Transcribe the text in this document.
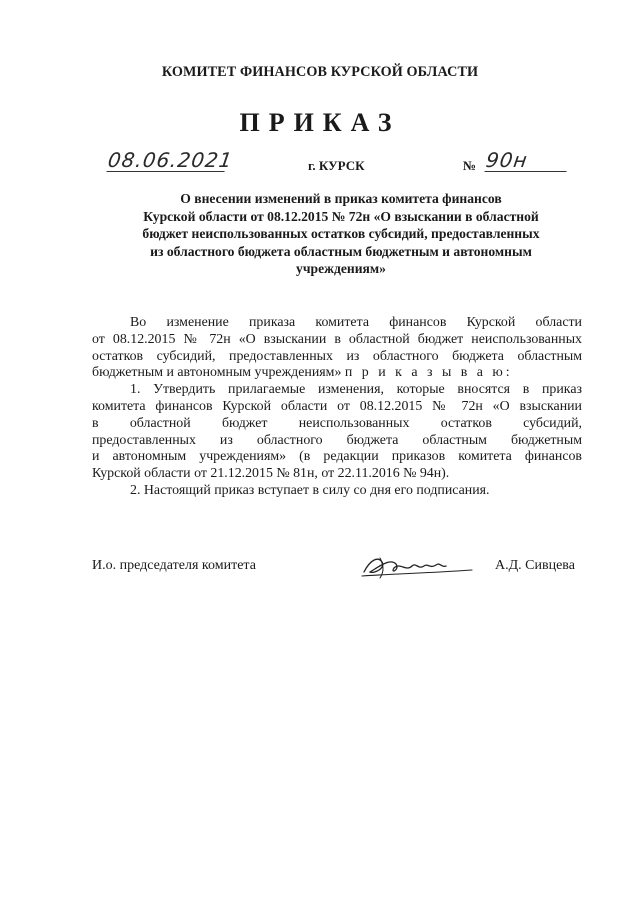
КОМИТЕТ ФИНАНСОВ КУРСКОЙ ОБЛАСТИ
ПРИКАЗ
08.06.2021	г. КУРСК	№ 90н
О внесении изменений в приказ комитета финансов
Курской области от 08.12.2015 № 72н «О взыскании в областной
бюджет неиспользованных остатков субсидий, предоставленных
из областного бюджета областным бюджетным и автономным
учреждениям»
Во изменение приказа комитета финансов Курской области
от 08.12.2015 № 72н «О взыскании в областной бюджет неиспользованных
остатков субсидий, предоставленных из областного бюджета областным
бюджетным и автономным учреждениям» п р и к а з ы в а ю:
1. Утвердить прилагаемые изменения, которые вносятся в приказ
комитета финансов Курской области от 08.12.2015 № 72н «О взыскании
в областной бюджет неиспользованных остатков субсидий,
предоставленных из областного бюджета областным бюджетным
и автономным учреждениям» (в редакции приказов комитета финансов
Курской области от 21.12.2015 № 81н, от 22.11.2016 № 94н).
2. Настоящий приказ вступает в силу со дня его подписания.
И.о. председателя комитета	А.Д. Сивцева
